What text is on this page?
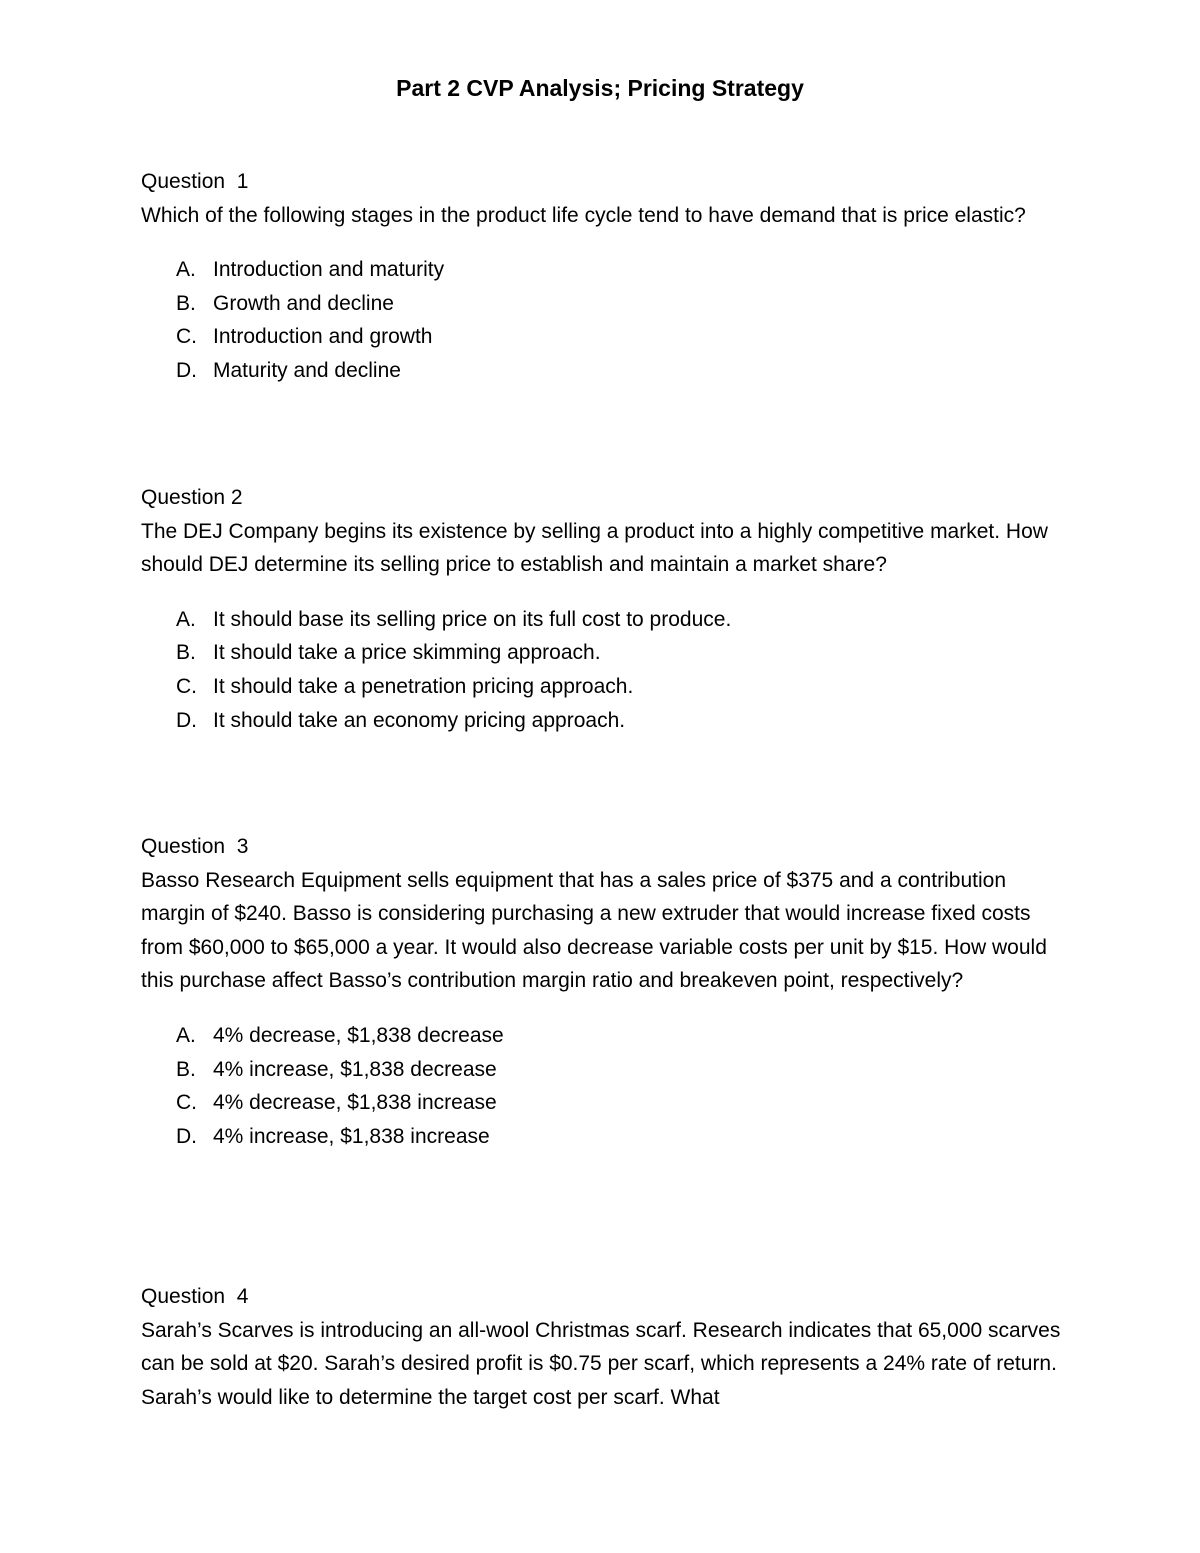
Part 2 CVP Analysis; Pricing Strategy
Question  1

Which of the following stages in the product life cycle tend to have demand that is price elastic?

A. Introduction and maturity
B. Growth and decline
C. Introduction and growth
D. Maturity and decline
Question 2

The DEJ Company begins its existence by selling a product into a highly competitive market. How should DEJ determine its selling price to establish and maintain a market share?

A. It should base its selling price on its full cost to produce.
B. It should take a price skimming approach.
C. It should take a penetration pricing approach.
D. It should take an economy pricing approach.
Question  3

Basso Research Equipment sells equipment that has a sales price of $375 and a contribution margin of $240. Basso is considering purchasing a new extruder that would increase fixed costs from $60,000 to $65,000 a year. It would also decrease variable costs per unit by $15. How would this purchase affect Basso’s contribution margin ratio and breakeven point, respectively?

A. 4% decrease, $1,838 decrease
B. 4% increase, $1,838 decrease
C. 4% decrease, $1,838 increase
D. 4% increase, $1,838 increase
Question  4

Sarah’s Scarves is introducing an all-wool Christmas scarf. Research indicates that 65,000 scarves can be sold at $20. Sarah’s desired profit is $0.75 per scarf, which represents a 24% rate of return. Sarah’s would like to determine the target cost per scarf. What
